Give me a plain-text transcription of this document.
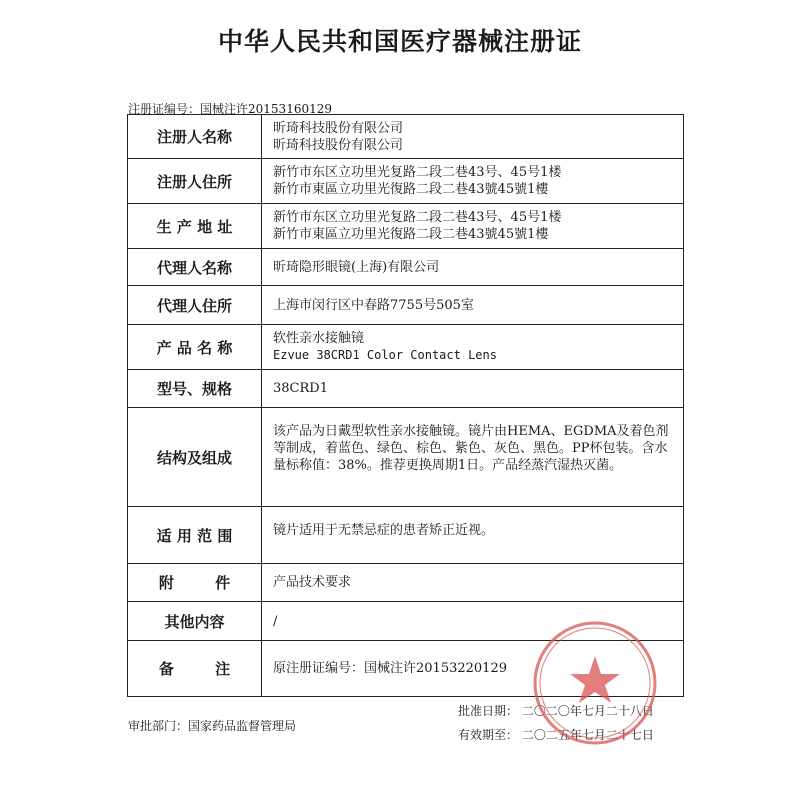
中华人民共和国医疗器械注册证
注册证编号：国械注许20153160129
注册人名称	昕琦科技股份有限公司
昕琦科技股份有限公司

注册人住所	新竹市东区立功里光复路二段二巷43号、45号1楼
新竹市東區立功里光復路二段二巷43號45號1樓

生 产 地 址	新竹市东区立功里光复路二段二巷43号、45号1楼
新竹市東區立功里光復路二段二巷43號45號1樓

代理人名称	昕琦隐形眼镜(上海)有限公司

代理人住所	上海市闵行区中春路7755号505室

产 品 名 称	软性亲水接触镜
Ezvue 38CRD1 Color Contact Lens

型号、规格	38CRD1

结构及组成	该产品为日戴型软性亲水接触镜。镜片由HEMA、EGDMA及着色剂等制成，着蓝色、绿色、棕色、紫色、灰色、黑色。PP杯包装。含水量标称值：38%。推荐更换周期1日。产品经蒸汽湿热灭菌。

适 用 范 围	镜片适用于无禁忌症的患者矫正近视。

附 件	产品技术要求

其他内容	/

备 注	原注册证编号：国械注许20153220129
审批部门：国家药品监督管理局
批准日期： 二〇二〇年七月二十八日
有效期至： 二〇二五年七月二十七日
